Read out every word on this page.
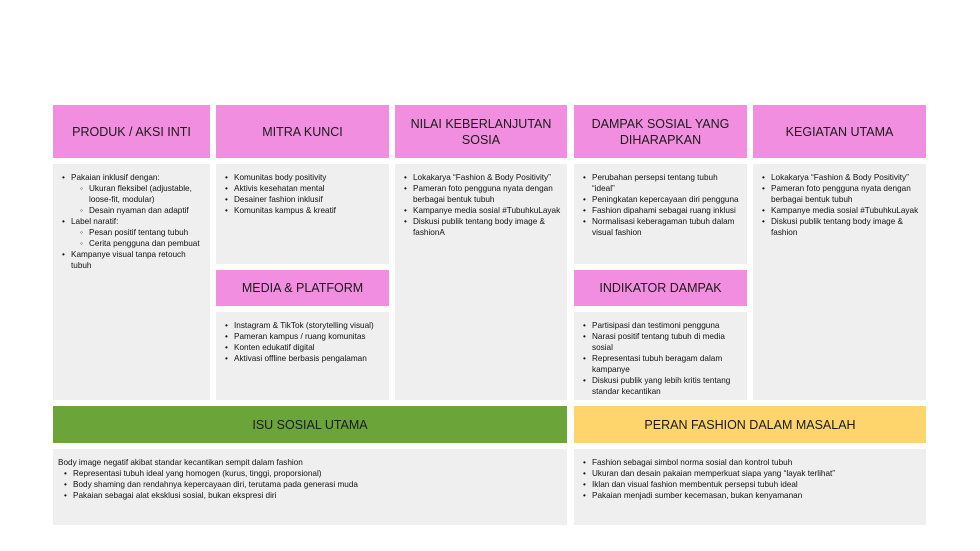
PRODUK / AKSI INTI
• Pakaian inklusif dengan:
◦ Ukuran fleksibel (adjustable, loose-fit, modular)
◦ Desain nyaman dan adaptif
• Label naratif:
◦ Pesan positif tentang tubuh
◦ Cerita pengguna dan pembuat
• Kampanye visual tanpa retouch tubuh
MITRA KUNCI
• Komunitas body positivity
• Aktivis kesehatan mental
• Desainer fashion inklusif
• Komunitas kampus & kreatif
MEDIA & PLATFORM
• Instagram & TikTok (storytelling visual)
• Pameran kampus / ruang komunitas
• Konten edukatif digital
• Aktivasi offline berbasis pengalaman
NILAI KEBERLANJUTAN SOSIA
• Lokakarya “Fashion & Body Positivity”
• Pameran foto pengguna nyata dengan berbagai bentuk tubuh
• Kampanye media sosial #TubuhkuLayak
• Diskusi publik tentang body image & fashionA
DAMPAK SOSIAL YANG DIHARAPKAN
• Perubahan persepsi tentang tubuh “ideal”
• Peningkatan kepercayaan diri pengguna
• Fashion dipahami sebagai ruang inklusi
• Normalisasi keberagaman tubuh dalam visual fashion
INDIKATOR DAMPAK
• Partisipasi dan testimoni pengguna
• Narasi positif tentang tubuh di media sosial
• Representasi tubuh beragam dalam kampanye
• Diskusi publik yang lebih kritis tentang standar kecantikan
KEGIATAN UTAMA
• Lokakarya “Fashion & Body Positivity”
• Pameran foto pengguna nyata dengan berbagai bentuk tubuh
• Kampanye media sosial #TubuhkuLayak
• Diskusi publik tentang body image & fashion
ISU SOSIAL UTAMA
Body image negatif akibat standar kecantikan sempit dalam fashion
• Representasi tubuh ideal yang homogen (kurus, tinggi, proporsional)
• Body shaming dan rendahnya kepercayaan diri, terutama pada generasi muda
• Pakaian sebagai alat eksklusi sosial, bukan ekspresi diri
PERAN FASHION DALAM MASALAH
• Fashion sebagai simbol norma sosial dan kontrol tubuh
• Ukuran dan desain pakaian memperkuat siapa yang “layak terlihat”
• Iklan dan visual fashion membentuk persepsi tubuh ideal
• Pakaian menjadi sumber kecemasan, bukan kenyamanan
